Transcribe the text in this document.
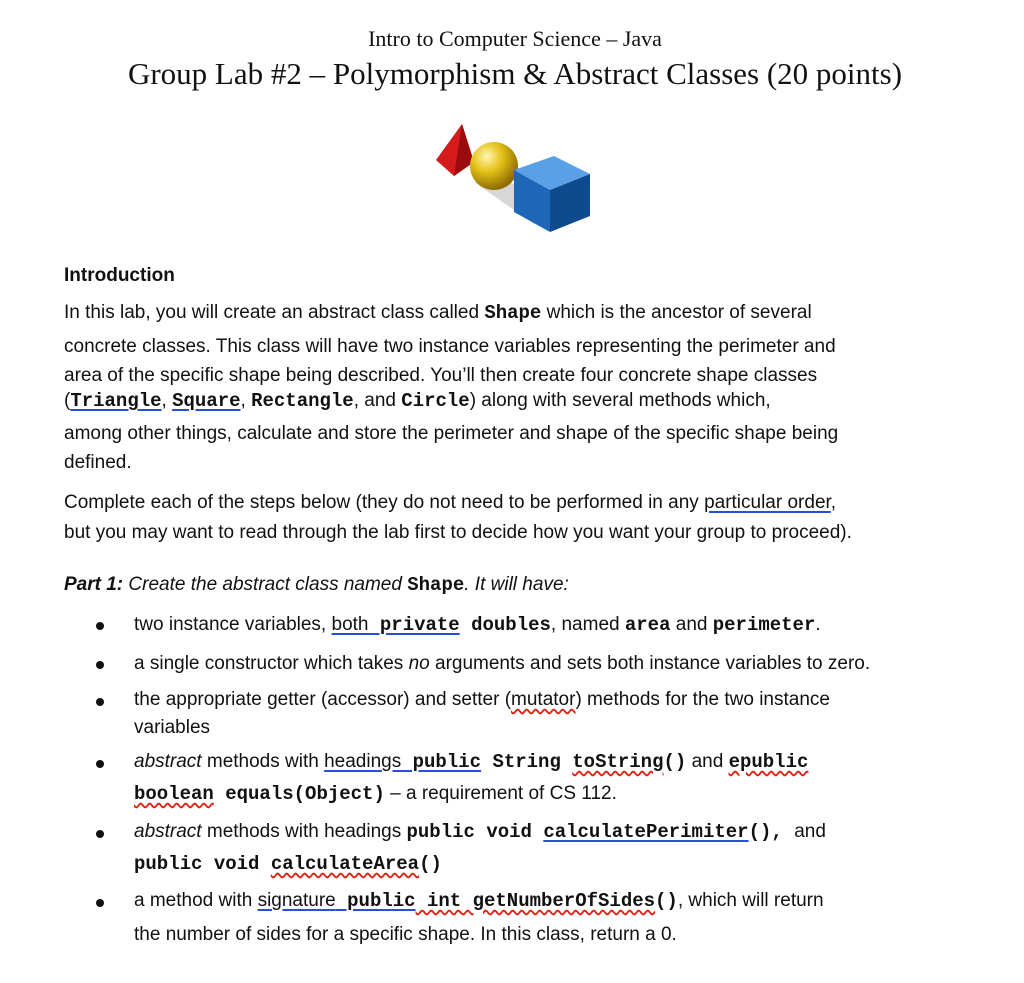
Intro to Computer Science – Java
Group Lab #2 – Polymorphism & Abstract Classes (20 points)
Introduction
In this lab, you will create an abstract class called Shape which is the ancestor of several
concrete classes. This class will have two instance variables representing the perimeter and
area of the specific shape being described. You’ll then create four concrete shape classes
(Triangle, Square, Rectangle, and Circle) along with several methods which,
among other things, calculate and store the perimeter and shape of the specific shape being
defined.
Complete each of the steps below (they do not need to be performed in any particular order,
but you may want to read through the lab first to decide how you want your group to proceed).
Part 1: Create the abstract class named Shape. It will have:
two instance variables, both private doubles, named area and perimeter.
a single constructor which takes no arguments and sets both instance variables to zero.
the appropriate getter (accessor) and setter (mutator) methods for the two instance
variables
abstract methods with headings public String toString() and epublic
boolean equals(Object) – a requirement of CS 112.
abstract methods with headings public void calculatePerimiter(), and
public void calculateArea()
a method with signature public int getNumberOfSides(), which will return
the number of sides for a specific shape. In this class, return a 0.
